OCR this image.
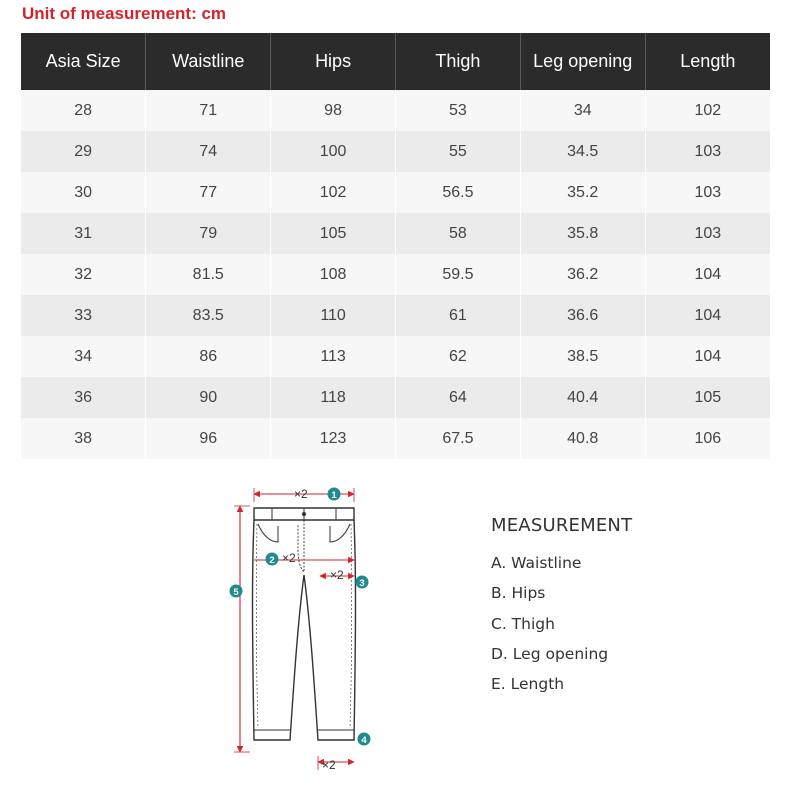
Unit of measurement: cm
Asia Size	Waistline	Hips	Thigh	Leg opening	Length
28	71	98	53	34	102
29	74	100	55	34.5	103
30	77	102	56.5	35.2	103
31	79	105	58	35.8	103
32	81.5	108	59.5	36.2	104
33	83.5	110	61	36.6	104
34	86	113	62	38.5	104
36	90	118	64	40.4	105
38	96	123	67.5	40.8	106
×2
×2
×2
×2
1
2
3
4
5
MEASUREMENT
A. Waistline
B. Hips
C. Thigh
D. Leg opening
E. Length
